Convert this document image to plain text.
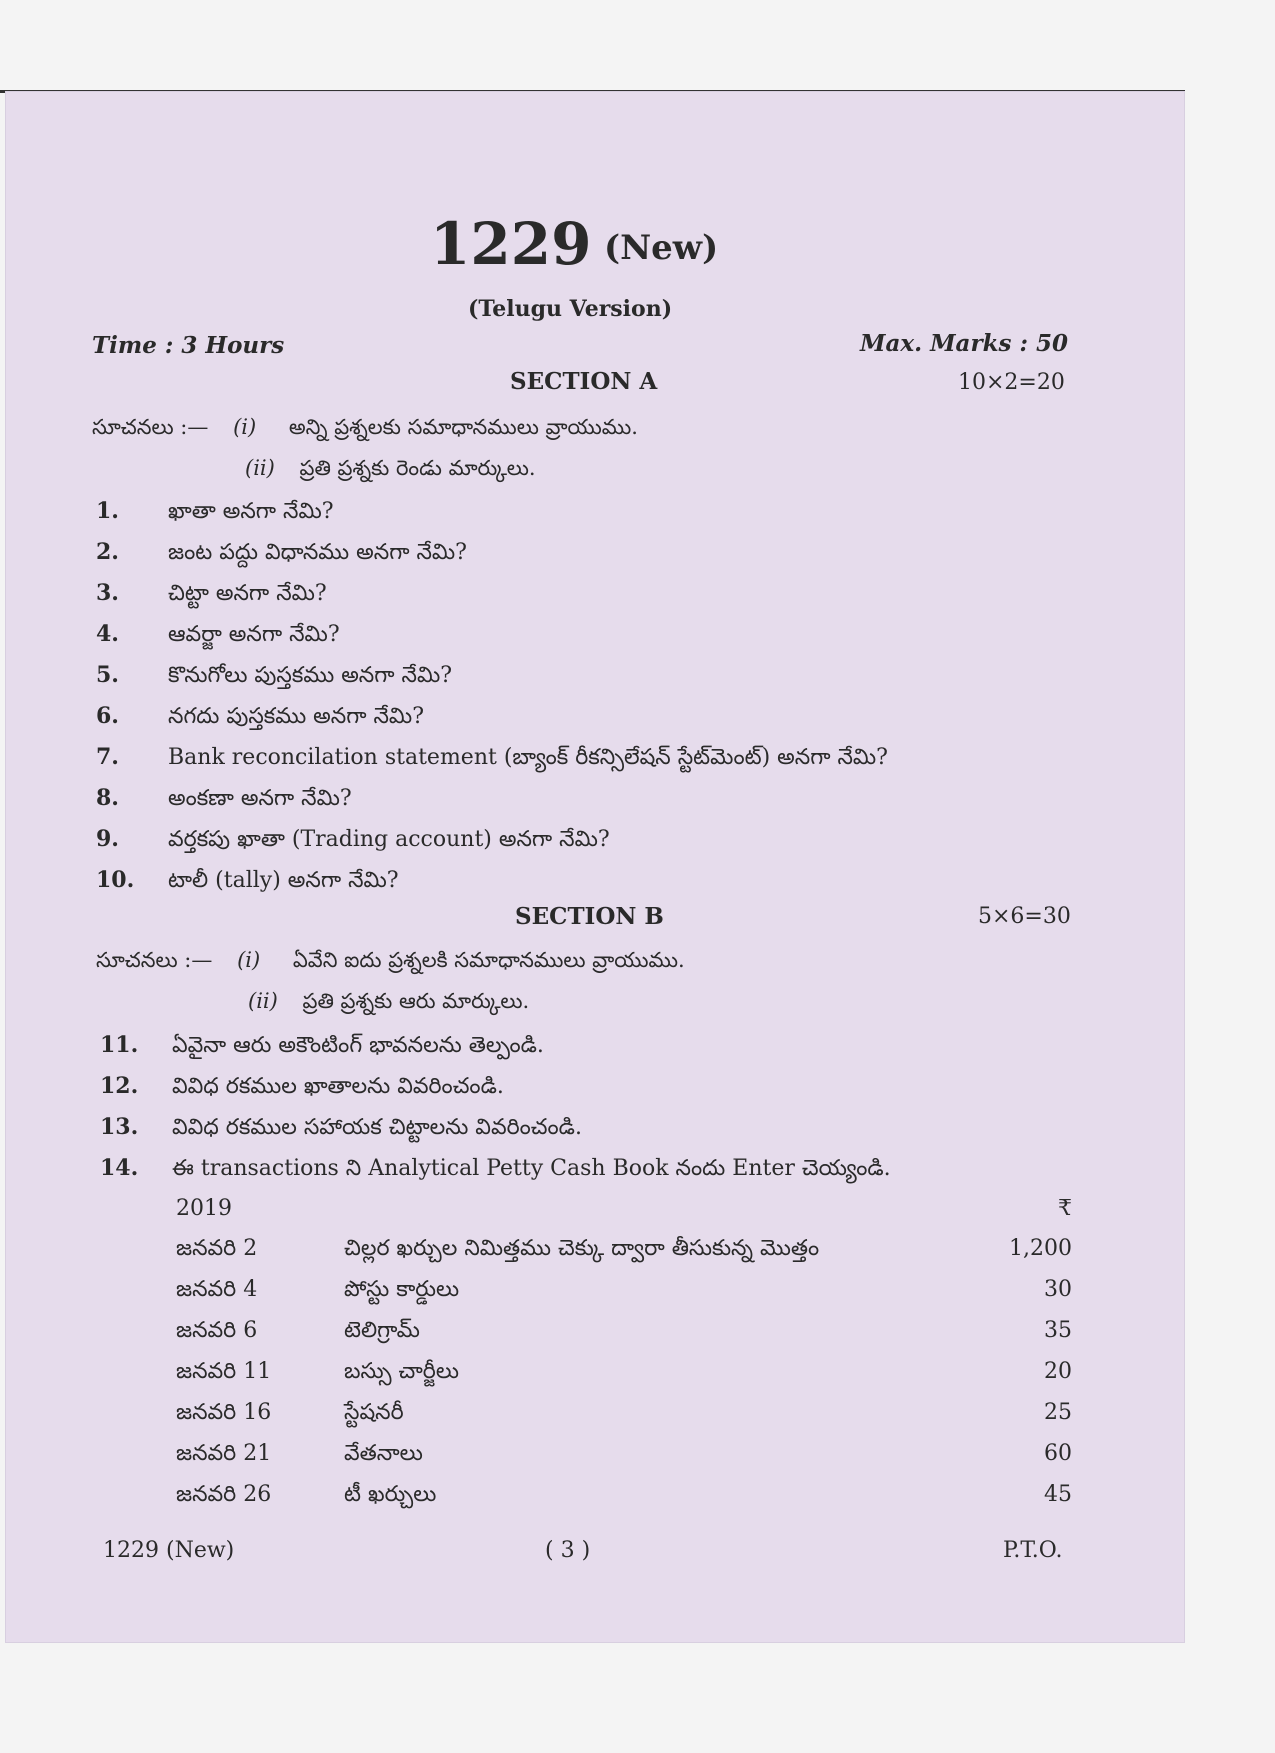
1229 (New)
(Telugu Version)
Time : 3 Hours	Max. Marks : 50
SECTION A	10×2=20
సూచనలు :— (i) అన్ని ప్రశ్నలకు సమాధానములు వ్రాయుము.
(ii) ప్రతి ప్రశ్నకు రెండు మార్కులు.
1. ఖాతా అనగా నేమి?
2. జంట పద్దు విధానము అనగా నేమి?
3. చిట్టా అనగా నేమి?
4. ఆవర్జా అనగా నేమి?
5. కొనుగోలు పుస్తకము అనగా నేమి?
6. నగదు పుస్తకము అనగా నేమి?
7. Bank reconcilation statement (బ్యాంక్ రీకన్సిలేషన్ స్టేట్‌మెంట్) అనగా నేమి?
8. అంకణా అనగా నేమి?
9. వర్తకపు ఖాతా (Trading account) అనగా నేమి?
10. టాలీ (tally) అనగా నేమి?
SECTION B	5×6=30
సూచనలు :— (i) ఏవేని ఐదు ప్రశ్నలకి సమాధానములు వ్రాయుము.
(ii) ప్రతి ప్రశ్నకు ఆరు మార్కులు.
11. ఏవైనా ఆరు అకౌంటింగ్ భావనలను తెల్పండి.
12. వివిధ రకముల ఖాతాలను వివరించండి.
13. వివిధ రకముల సహాయక చిట్టాలను వివరించండి.
14. ఈ transactions ని Analytical Petty Cash Book నందు Enter చెయ్యండి.
2019	₹
జనవరి 2	చిల్లర ఖర్చుల నిమిత్తము చెక్కు ద్వారా తీసుకున్న మొత్తం	1,200
జనవరి 4	పోస్టు కార్డులు	30
జనవరి 6	టెలిగ్రామ్	35
జనవరి 11	బస్సు చార్జీలు	20
జనవరి 16	స్టేషనరీ	25
జనవరి 21	వేతనాలు	60
జనవరి 26	టీ ఖర్చులు	45
1229 (New)	( 3 )	P.T.O.
